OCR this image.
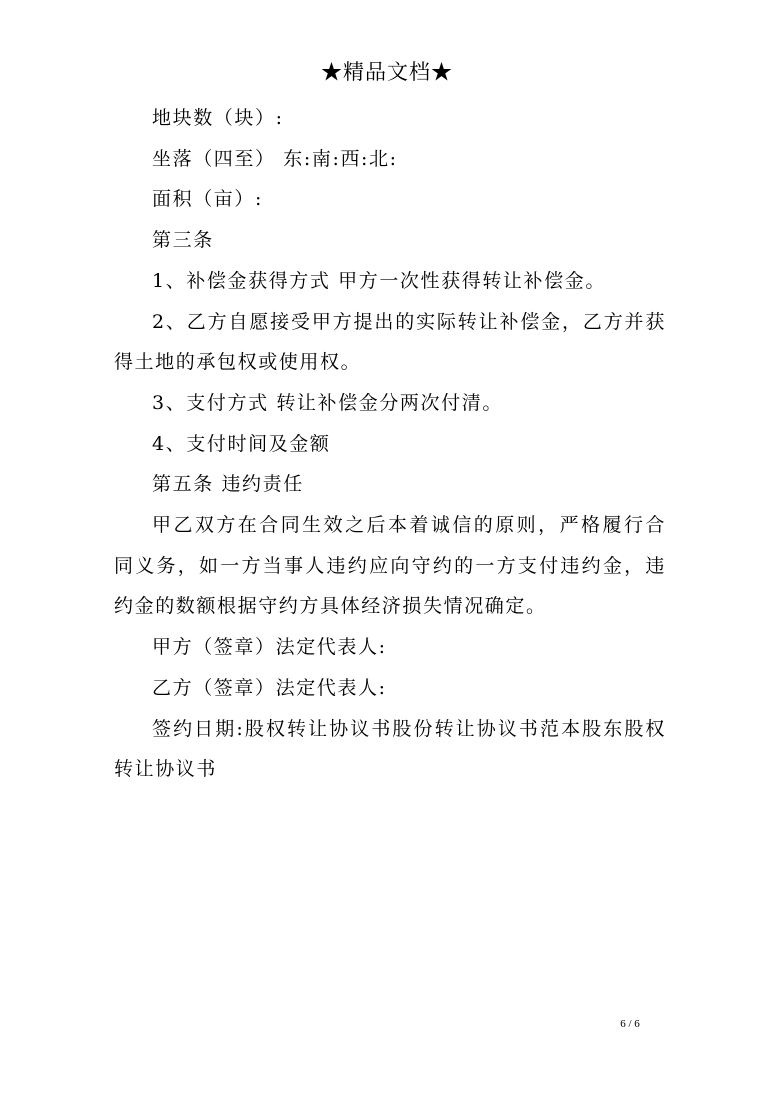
★精品文档★

地块数（块）:

坐落（四至） 东:南:西:北:

面积（亩）:

第三条

1、补偿金获得方式 甲方一次性获得转让补偿金。

2、乙方自愿接受甲方提出的实际转让补偿金，乙方并获得土地的承包权或使用权。

3、支付方式 转让补偿金分两次付清。

4、支付时间及金额

第五条 违约责任

甲乙双方在合同生效之后本着诚信的原则，严格履行合同义务，如一方当事人违约应向守约的一方支付违约金，违约金的数额根据守约方具体经济损失情况确定。

甲方（签章）法定代表人:

乙方（签章）法定代表人:

签约日期:股权转让协议书股份转让协议书范本股东股权转让协议书

6 / 6
